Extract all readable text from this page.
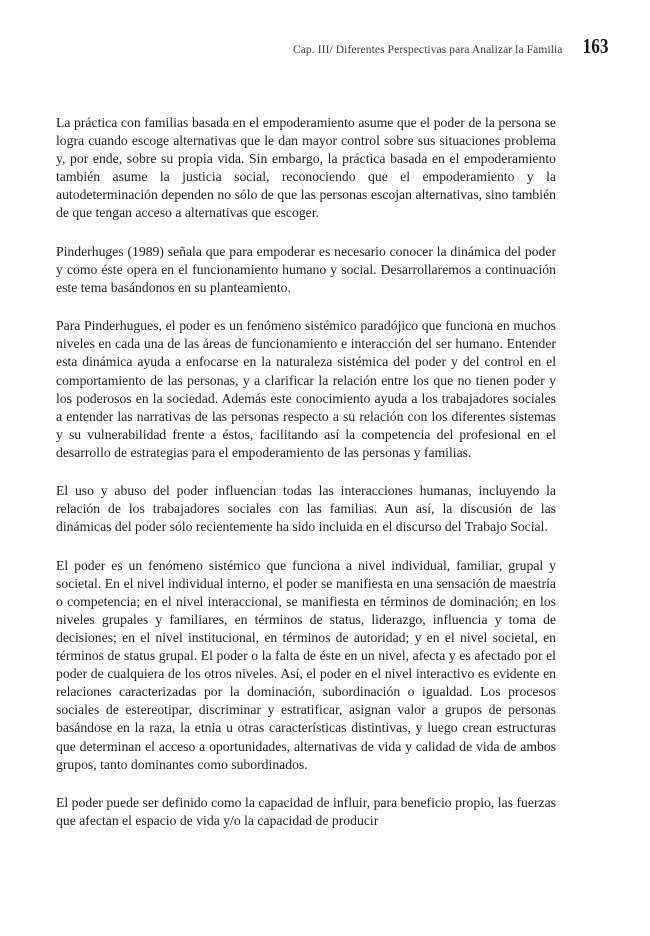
Cap. III/ Diferentes Perspectivas para Analizar la Familia 163

La práctica con familias basada en el empoderamiento asume que el poder de la persona se logra cuando escoge alternativas que le dan mayor control sobre sus situaciones problema y, por ende, sobre su propia vida. Sin embargo, la práctica basada en el empoderamiento también asume la justicia social, reconociendo que el empoderamiento y la autodeterminación dependen no sólo de que las personas escojan alternativas, sino también de que tengan acceso a alternativas que escoger.

Pinderhuges (1989) señala que para empoderar es necesario conocer la dinámica del poder y como éste opera en el funcionamiento humano y social. Desarrollaremos a continuación este tema basándonos en su planteamiento.

Para Pinderhugues, el poder es un fenómeno sistémico paradójico que funciona en muchos niveles en cada una de las áreas de funcionamiento e interacción del ser humano. Entender esta dinámica ayuda a enfocarse en la naturaleza sistémica del poder y del control en el comportamiento de las personas, y a clarificar la relación entre los que no tienen poder y los poderosos en la sociedad. Además este conocimiento ayuda a los trabajadores sociales a entender las narrativas de las personas respecto a su relación con los diferentes sistemas y su vulnerabilidad frente a éstos, facilitando así la competencia del profesional en el desarrollo de estrategias para el empoderamiento de las personas y familias.

El uso y abuso del poder influencian todas las interacciones humanas, incluyendo la relación de los trabajadores sociales con las familias. Aun así, la discusión de las dinámicas del poder sólo recientemente ha sido incluida en el discurso del Trabajo Social.

El poder es un fenómeno sistémico que funciona a nivel individual, familiar, grupal y societal. En el nivel individual interno, el poder se manifiesta en una sensación de maestría o competencia; en el nivel interaccional, se manifiesta en términos de dominación; en los niveles grupales y familiares, en términos de status, liderazgo, influencia y toma de decisiones; en el nivel institucional, en términos de autoridad; y en el nivel societal, en términos de status grupal. El poder o la falta de éste en un nivel, afecta y es afectado por el poder de cualquiera de los otros niveles. Así, el poder en el nivel interactivo es evidente en relaciones caracterizadas por la dominación, subordinación o igualdad. Los procesos sociales de estereotipar, discriminar y estratificar, asignan valor a grupos de personas basándose en la raza, la etnia u otras características distintivas, y luego crean estructuras que determinan el acceso a oportunidades, alternativas de vida y calidad de vida de ambos grupos, tanto dominantes como subordinados.

El poder puede ser definido como la capacidad de influir, para beneficio propio, las fuerzas que afectan el espacio de vida y/o la capacidad de producir
